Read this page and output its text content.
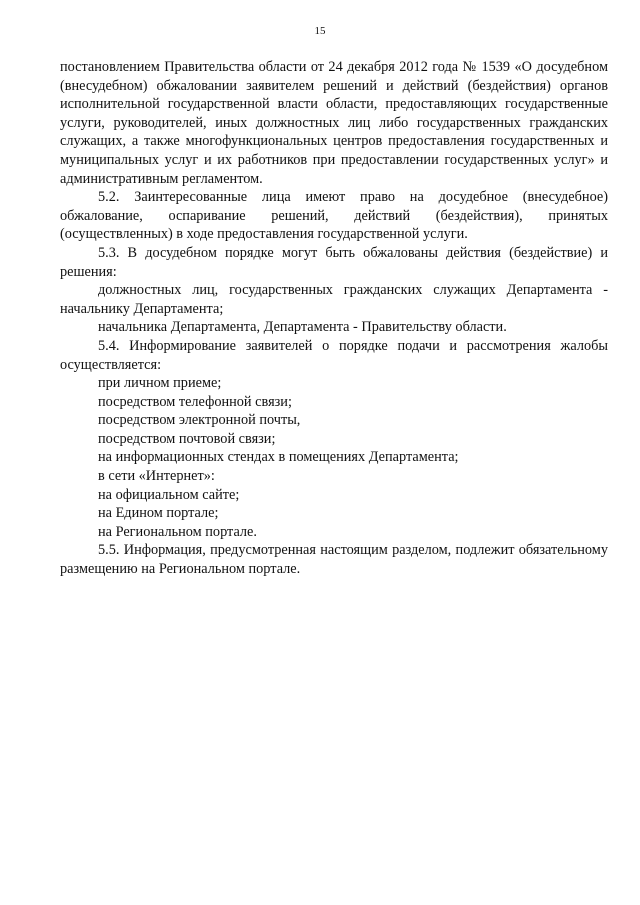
15

постановлением Правительства области от 24 декабря 2012 года № 1539 «О досудебном (внесудебном) обжаловании заявителем решений и действий (бездействия) органов исполнительной государственной власти области, предоставляющих государственные услуги, руководителей, иных должностных лиц либо государственных гражданских служащих, а также многофункциональных центров предоставления государственных и муниципальных услуг и их работников при предоставлении государственных услуг» и административным регламентом.

5.2. Заинтересованные лица имеют право на досудебное (внесудебное) обжалование, оспаривание решений, действий (бездействия), принятых (осуществленных) в ходе предоставления государственной услуги.

5.3. В досудебном порядке могут быть обжалованы действия (бездействие) и решения:

должностных лиц, государственных гражданских служащих Департамента - начальнику Департамента;

начальника Департамента, Департамента - Правительству области.

5.4. Информирование заявителей о порядке подачи и рассмотрения жалобы осуществляется:

при личном приеме;

посредством телефонной связи;

посредством электронной почты,

посредством почтовой связи;

на информационных стендах в помещениях Департамента;

в сети «Интернет»:

на официальном сайте;

на Едином портале;

на Региональном портале.

5.5. Информация, предусмотренная настоящим разделом, подлежит обязательному размещению на Региональном портале.
